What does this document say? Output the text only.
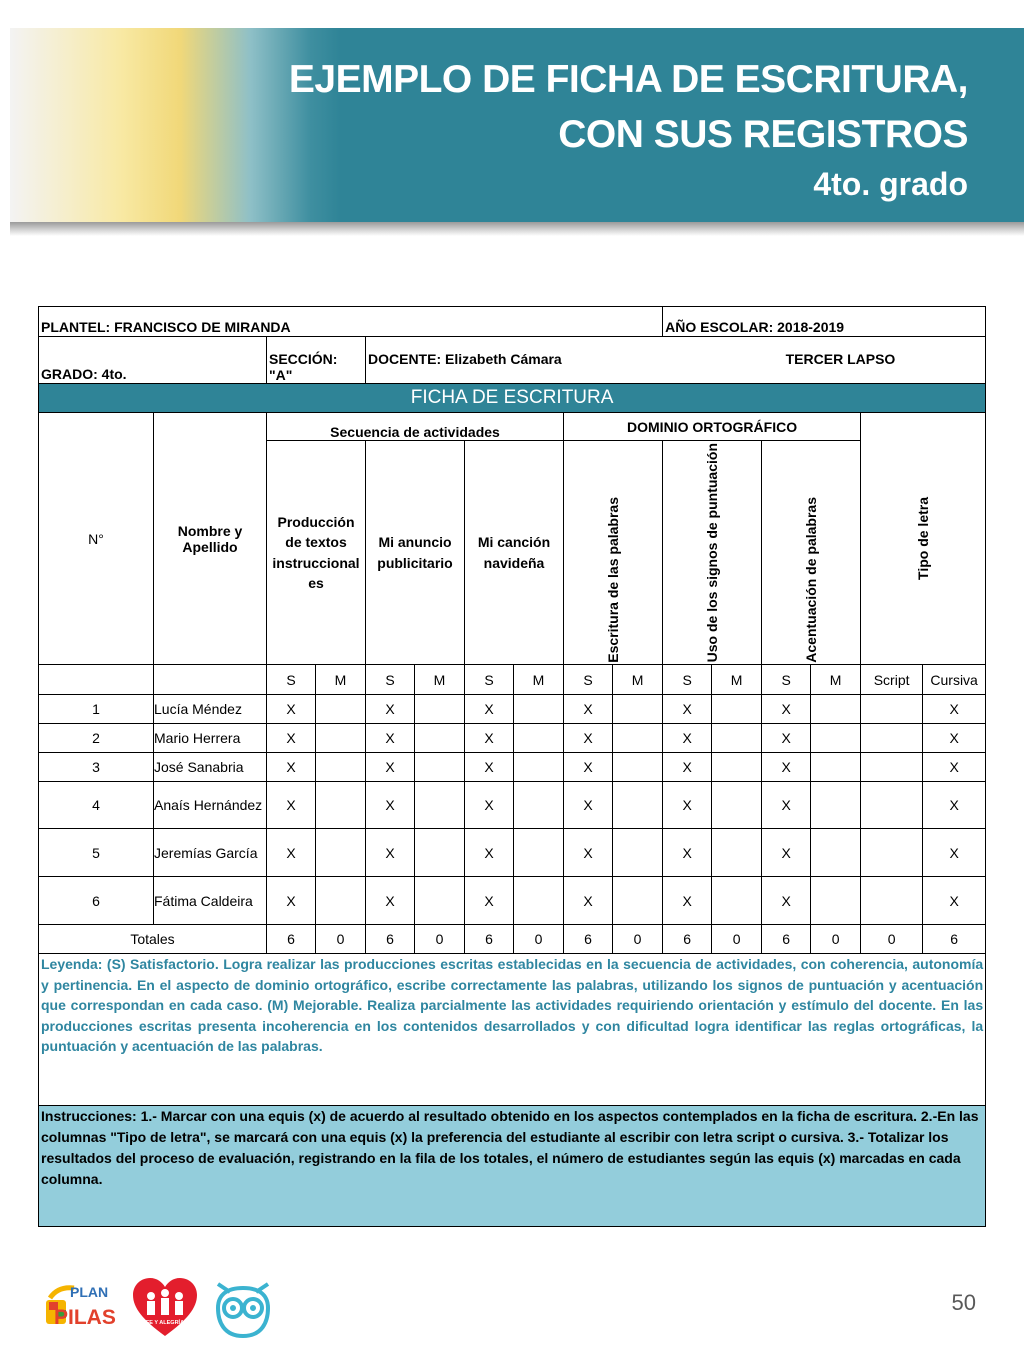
EJEMPLO DE FICHA DE ESCRITURA,
CON SUS REGISTROS
4to. grado
PLANTEL: FRANCISCO DE MIRANDA										AÑO ESCOLAR: 2018-2019					
GRADO: 4to.		SECCIÓN: "A"		DOCENTE: Elizabeth Cámara								TERCER LAPSO			
FICHA DE ESCRITURA															
N°	Nombre y Apellido	Secuencia de actividades						DOMINIO ORTOGRÁFICO						Tipo de letra	

		Producción de textos instruccional es		Mi anuncio publicitario		Mi canción navideña		Escritura de las palabras		Uso de los signos de puntuación		Acentuación de palabras			

		S	M	S	M	S	M	S	M	S	M	S	M	Script	Cursiva
1	Lucía Méndez	X		X		X		X		X		X			X
2	Mario Herrera	X		X		X		X		X		X			X
3	José Sanabria	X		X		X		X		X		X			X
4	Anaís Hernández	X		X		X		X		X		X			X
5	Jeremías García	X		X		X		X		X		X			X
6	Fátima Caldeira	X		X		X		X		X		X			X
Totales		6	0	6	0	6	0	6	0	6	0	6	0	0	6
Leyenda: (S) Satisfactorio. Logra realizar las producciones escritas establecidas en la secuencia de actividades, con coherencia, autonomía y pertinencia. En el aspecto de dominio ortográfico, escribe correctamente las palabras, utilizando los signos de puntuación y acentuación que correspondan en cada caso. (M) Mejorable. Realiza parcialmente las actividades requiriendo orientación y estímulo del docente. En las producciones escritas presenta incoherencia en los contenidos desarrollados y con dificultad logra identificar las reglas ortográficas, la puntuación y acentuación de las palabras.															
Instrucciones: 1.- Marcar con una equis (x) de acuerdo al resultado obtenido en los aspectos contemplados en la ficha de escritura. 2.-En las columnas "Tipo de letra", se marcará con una equis (x) la preferencia del estudiante al escribir con letra script o cursiva. 3.- Totalizar los resultados del proceso de evaluación, registrando en la fila de los totales, el número de estudiantes según las equis (x) marcadas en cada columna.															
PLAN
PILAS	FE Y ALEGRÍA
50
